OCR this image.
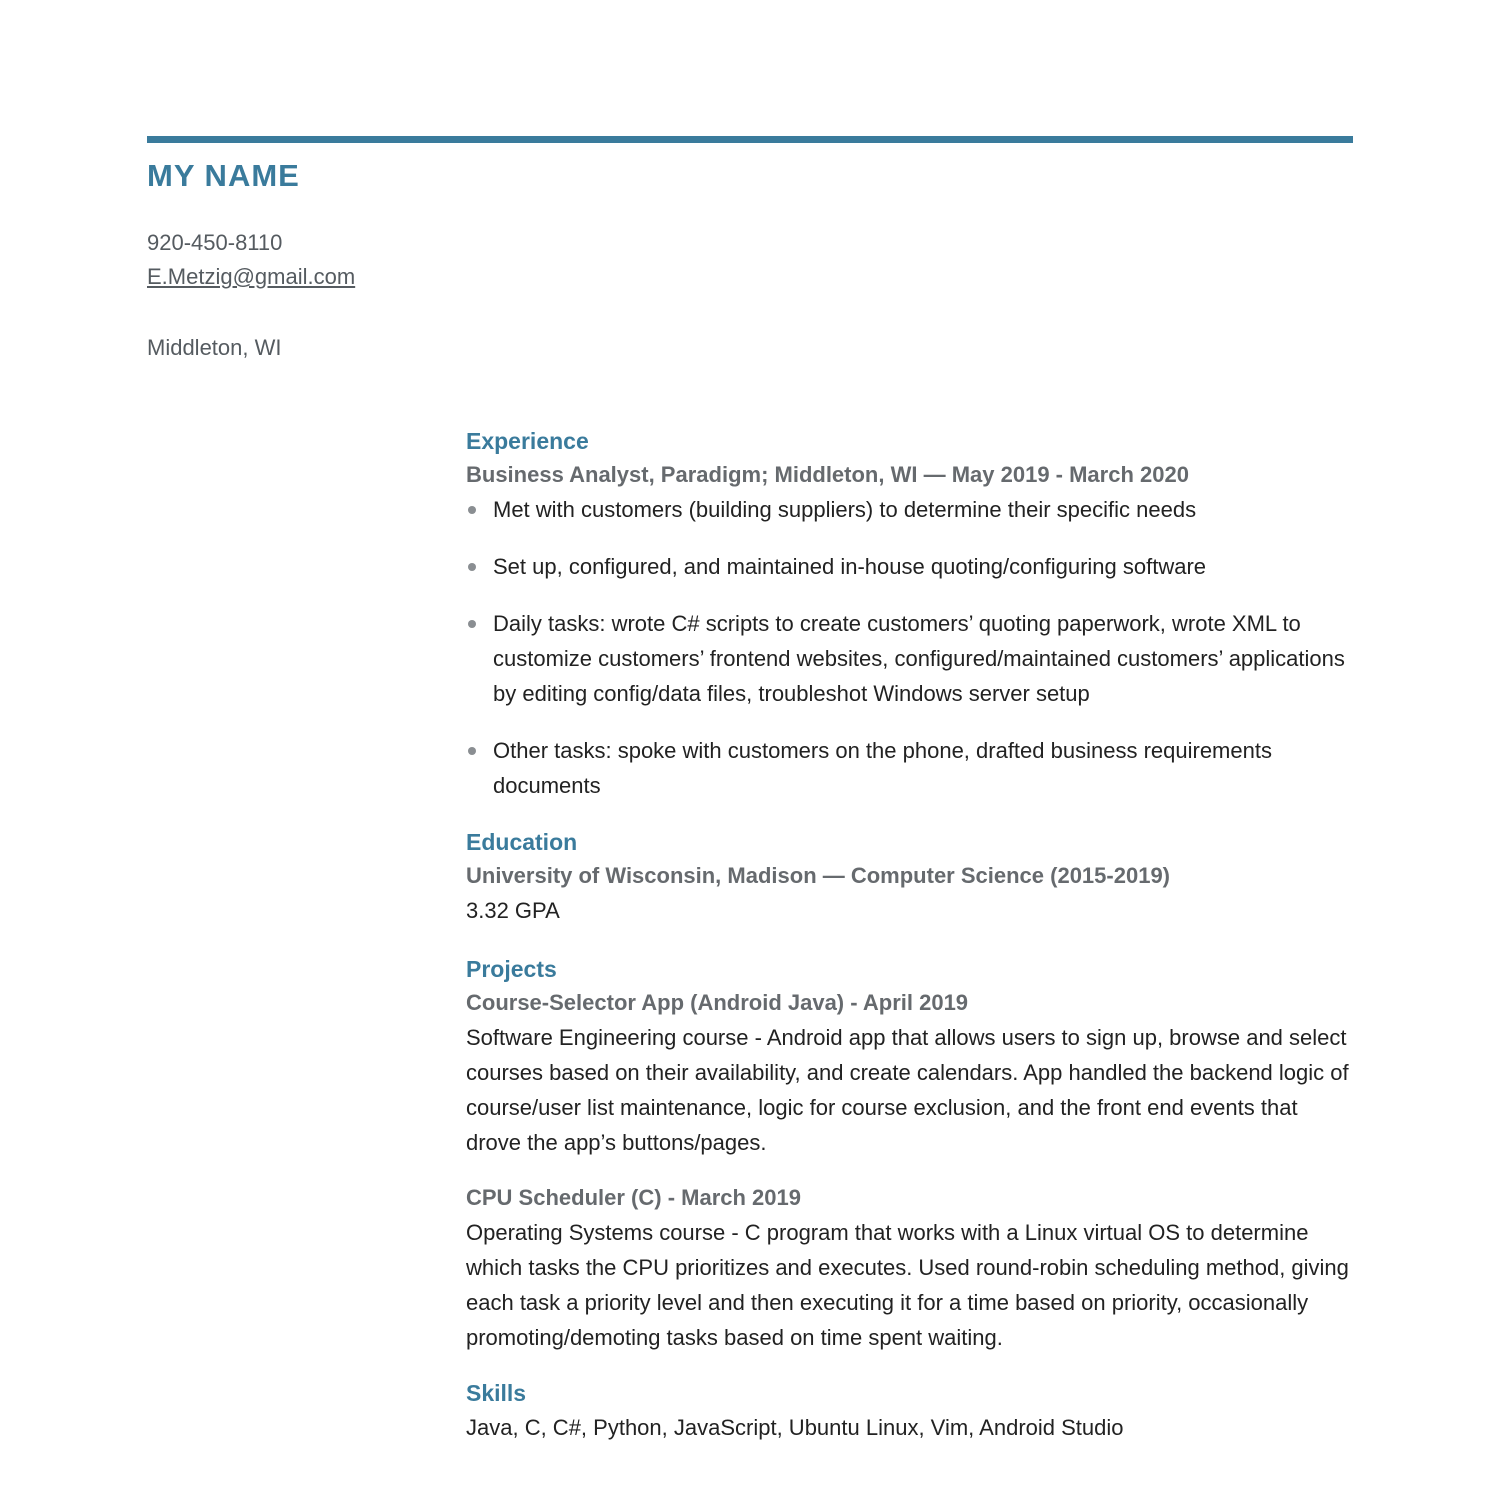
MY NAME
920-450-8110
E.Metzig@gmail.com
Middleton, WI
Experience
Business Analyst, Paradigm; Middleton, WI — May 2019 - March 2020
Met with customers (building suppliers) to determine their specific needs
Set up, configured, and maintained in-house quoting/configuring software
Daily tasks: wrote C# scripts to create customers’ quoting paperwork, wrote XML to customize customers’ frontend websites, configured/maintained customers’ applications by editing config/data files, troubleshot Windows server setup
Other tasks: spoke with customers on the phone, drafted business requirements documents
Education
University of Wisconsin, Madison — Computer Science (2015-2019)
3.32 GPA
Projects
Course-Selector App (Android Java) - April 2019
Software Engineering course - Android app that allows users to sign up, browse and select courses based on their availability, and create calendars. App handled the backend logic of course/user list maintenance, logic for course exclusion, and the front end events that drove the app’s buttons/pages.
CPU Scheduler (C) - March 2019
Operating Systems course - C program that works with a Linux virtual OS to determine which tasks the CPU prioritizes and executes. Used round-robin scheduling method, giving each task a priority level and then executing it for a time based on priority, occasionally promoting/demoting tasks based on time spent waiting.
Skills
Java, C, C#, Python, JavaScript, Ubuntu Linux, Vim, Android Studio
